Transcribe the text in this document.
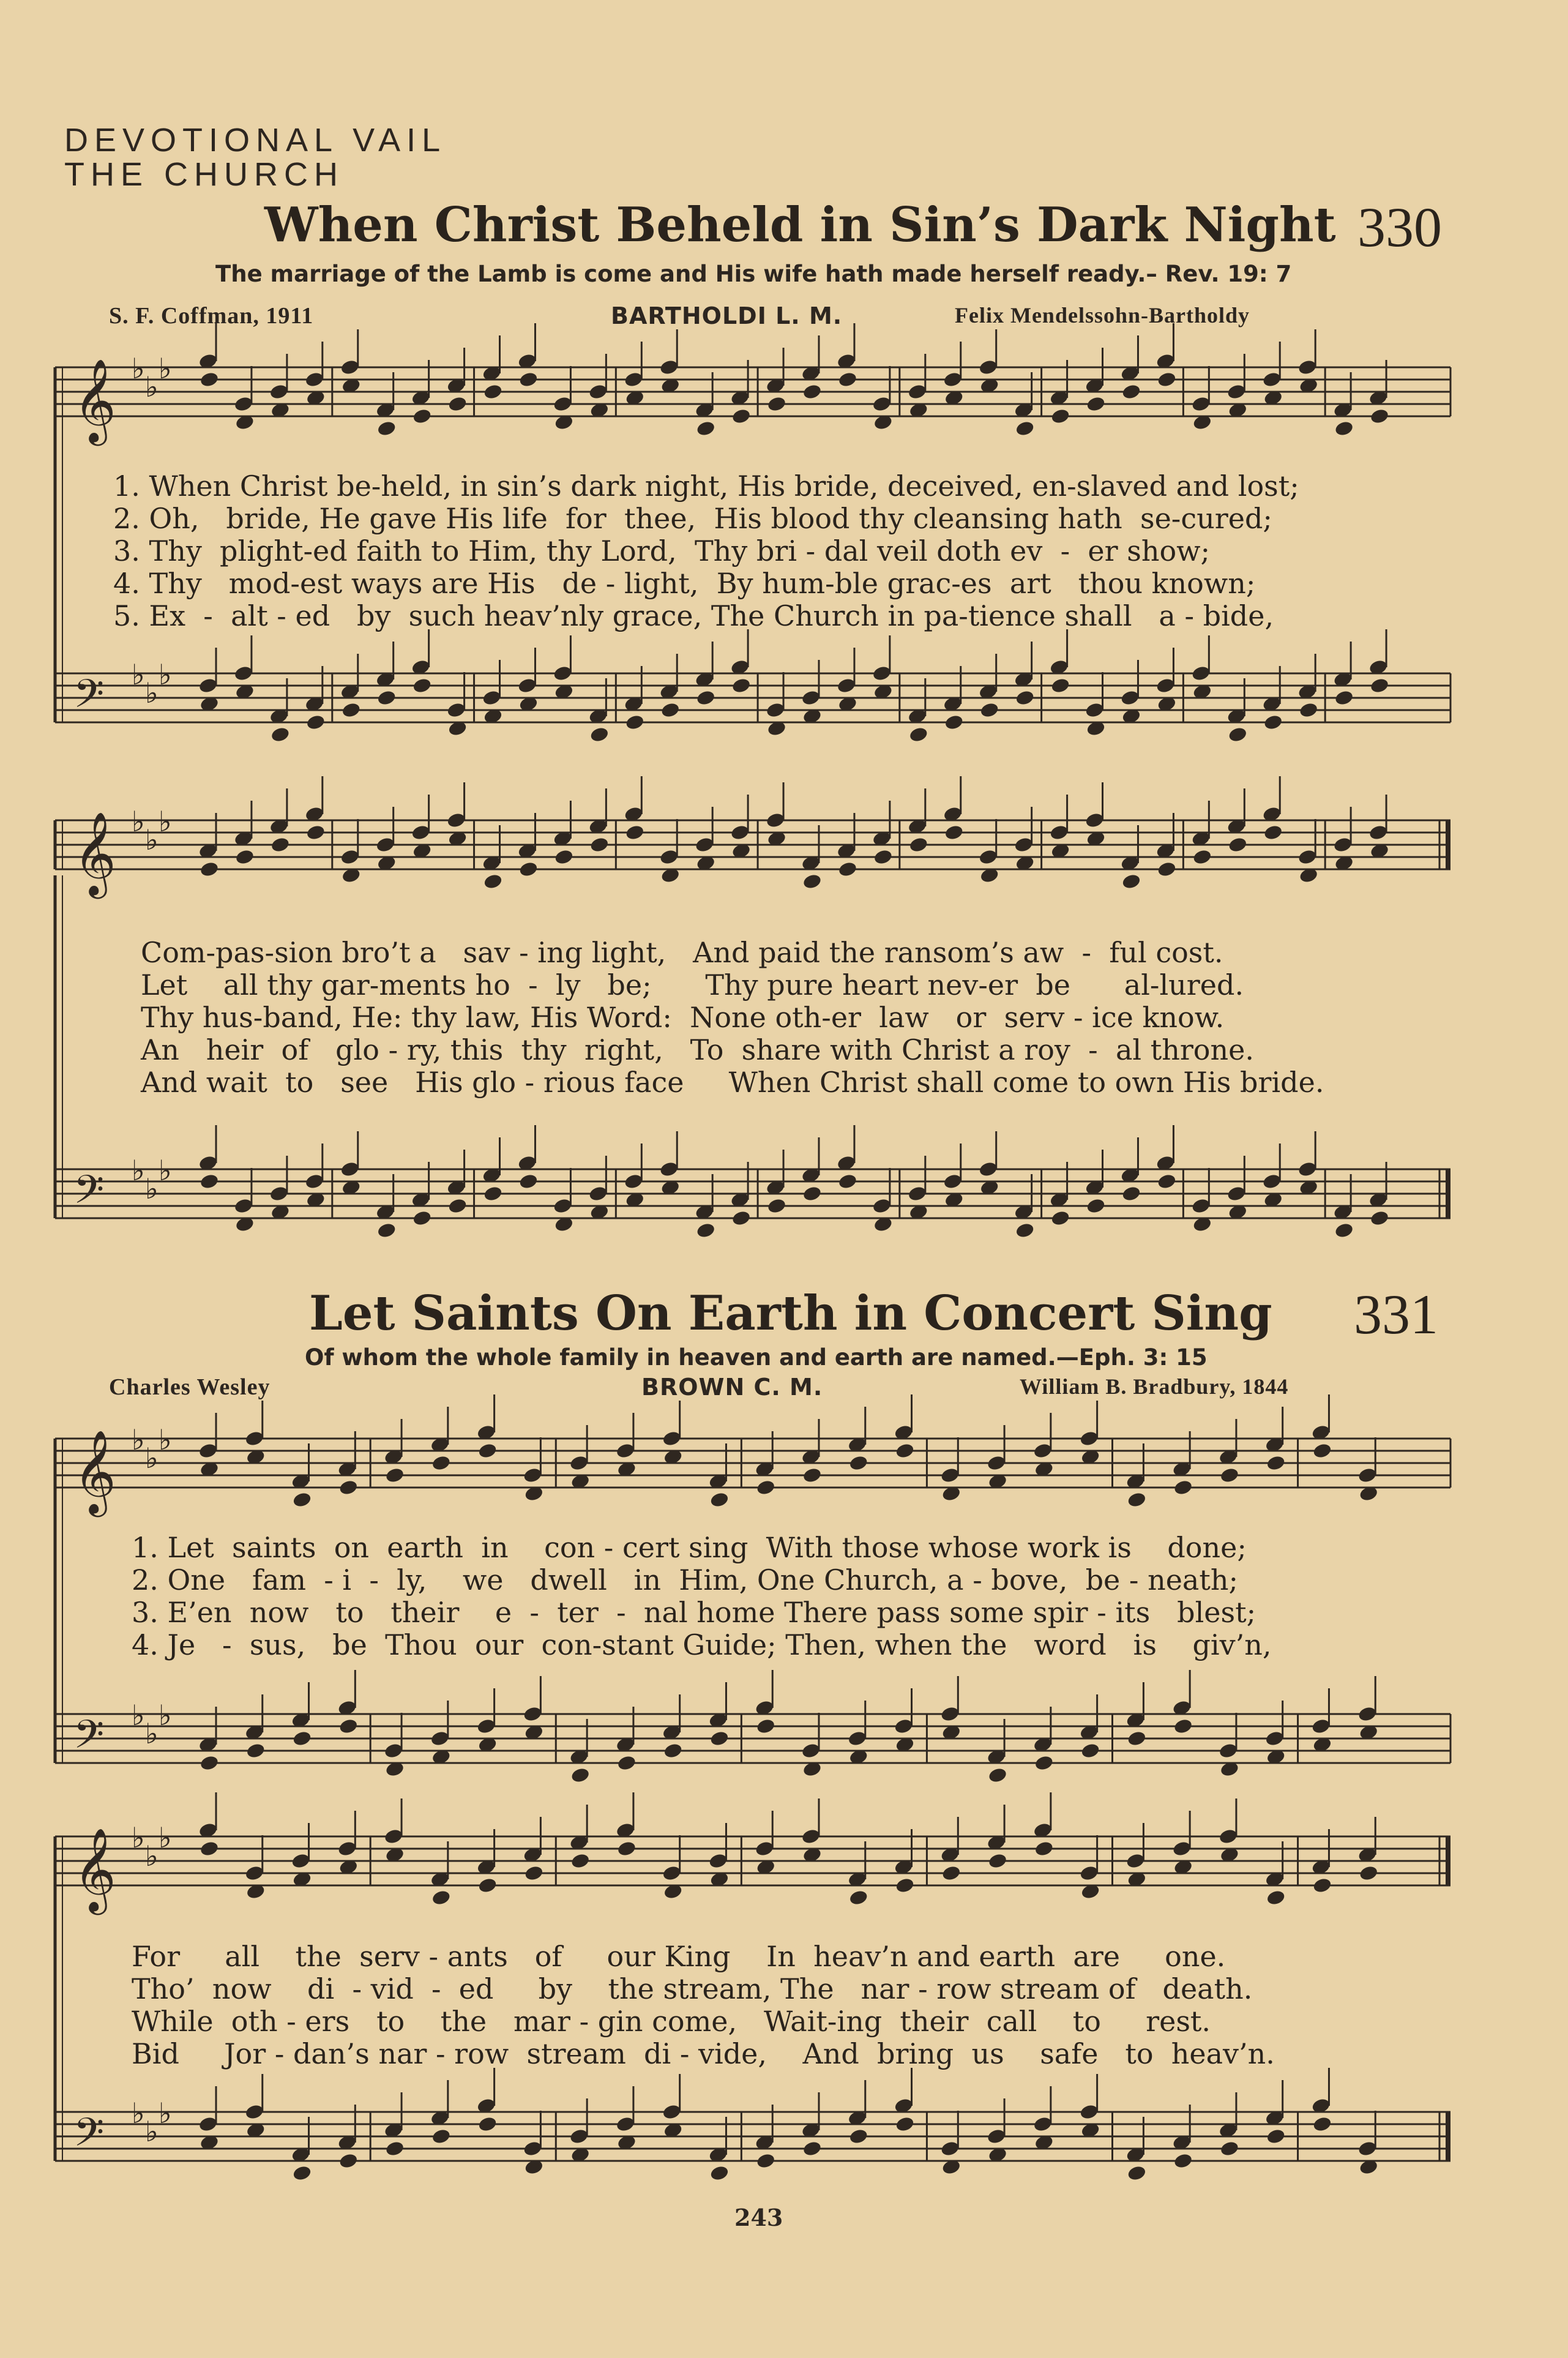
DEVOTIONAL VAIL
THE CHURCH
When Christ Beheld in Sin’s Dark Night 330
The marriage of the Lamb is come and His wife hath made herself ready.– Rev. 19: 7
S. F. Coffman, 1911	BARTHOLDI L. M.	Felix Mendelssohn-Bartholdy
𝄞 ♭
♭
♭
1. When Christ be-held, in sin’s dark night, His bride, deceived, en-slaved and lost;
2. Oh,   bride, He gave His life  for  thee,  His blood thy cleansing hath  se-cured;
3. Thy  plight-ed faith to Him, thy Lord,  Thy bri - dal veil doth ev  -  er show;
4. Thy   mod-est ways are His   de - light,  By hum-ble grac-es  art   thou known;
5. Ex  -  alt - ed   by  such heav’nly grace, The Church in pa-tience shall   a - bide,
𝄢 ♭
♭
♭
𝄞 ♭
♭
♭
Com-pas-sion bro’t a   sav - ing light,   And paid the ransom’s aw  -  ful cost.
Let    all thy gar-ments ho  -  ly   be;      Thy pure heart nev-er  be      al-lured.
Thy hus-band, He: thy law, His Word:  None oth-er  law   or  serv - ice know.
An   heir  of   glo - ry, this  thy  right,   To  share with Christ a roy  -  al throne.
And wait  to   see   His glo - rious face     When Christ shall come to own His bride.
𝄢 ♭
♭
♭
Let Saints On Earth in Concert Sing 331
Of whom the whole family in heaven and earth are named.—Eph. 3: 15
Charles Wesley	BROWN C. M.	William B. Bradbury, 1844
𝄞 ♭
♭
♭
1. Let  saints  on  earth  in    con - cert sing  With those whose work is    done;
2. One   fam  - i  -  ly,    we   dwell   in  Him, One Church, a - bove,  be - neath;
3. E’en  now   to   their    e  -  ter  -  nal home There pass some spir - its   blest;
4. Je   -  sus,   be  Thou  our  con-stant Guide; Then, when the   word   is    giv’n,
𝄢 ♭
♭
♭
𝄞 ♭
♭
♭
For     all    the  serv - ants   of     our King    In  heav’n and earth  are     one.
Tho’  now    di  - vid  -  ed     by    the stream, The   nar - row stream of   death.
While  oth - ers   to    the   mar - gin come,   Wait-ing  their  call    to     rest.
Bid     Jor - dan’s nar - row  stream  di - vide,    And  bring  us    safe   to  heav’n.
𝄢 ♭
♭
♭
243
